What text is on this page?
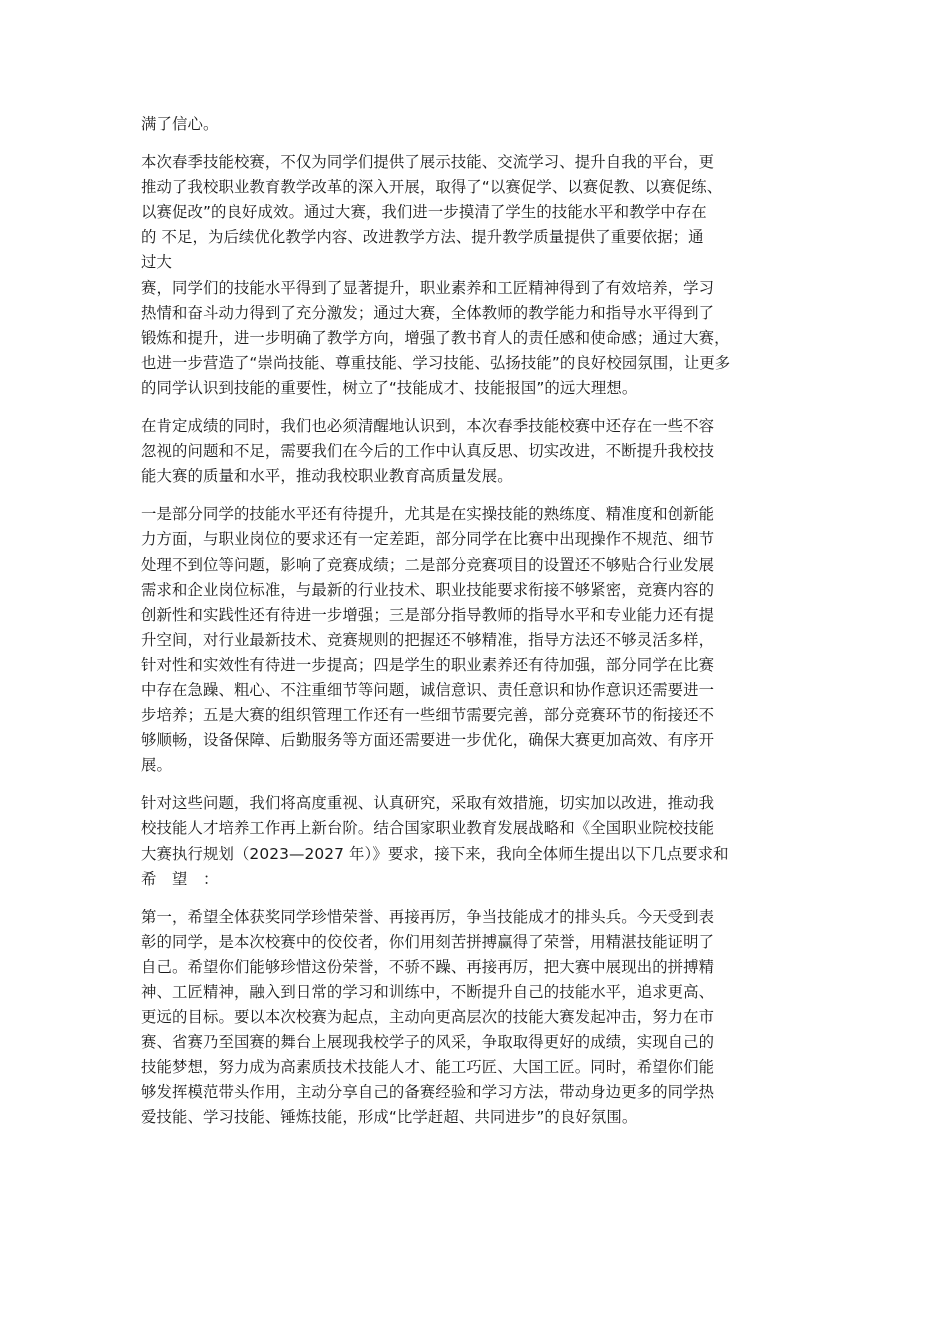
满了信心。
本次春季技能校赛，不仅为同学们提供了展示技能、交流学习、提升自我的平台，更
推动了我校职业教育教学改革的深入开展，取得了“以赛促学、以赛促教、以赛促练、
以赛促改”的良好成效。通过大赛，我们进一步摸清了学生的技能水平和教学中存在
的 不足，为后续优化教学内容、改进教学方法、提升教学质量提供了重要依据；通
过大
赛，同学们的技能水平得到了显著提升，职业素养和工匠精神得到了有效培养，学习
热情和奋斗动力得到了充分激发；通过大赛，全体教师的教学能力和指导水平得到了
锻炼和提升，进一步明确了教学方向，增强了教书育人的责任感和使命感；通过大赛，
也进一步营造了“崇尚技能、尊重技能、学习技能、弘扬技能”的良好校园氛围，让更多
的同学认识到技能的重要性，树立了“技能成才、技能报国”的远大理想。
在肯定成绩的同时，我们也必须清醒地认识到，本次春季技能校赛中还存在一些不容
忽视的问题和不足，需要我们在今后的工作中认真反思、切实改进，不断提升我校技
能大赛的质量和水平，推动我校职业教育高质量发展。
一是部分同学的技能水平还有待提升，尤其是在实操技能的熟练度、精准度和创新能
力方面，与职业岗位的要求还有一定差距，部分同学在比赛中出现操作不规范、细节
处理不到位等问题，影响了竞赛成绩；二是部分竞赛项目的设置还不够贴合行业发展
需求和企业岗位标准，与最新的行业技术、职业技能要求衔接不够紧密，竞赛内容的
创新性和实践性还有待进一步增强；三是部分指导教师的指导水平和专业能力还有提
升空间，对行业最新技术、竞赛规则的把握还不够精准，指导方法还不够灵活多样，
针对性和实效性有待进一步提高；四是学生的职业素养还有待加强，部分同学在比赛
中存在急躁、粗心、不注重细节等问题，诚信意识、责任意识和协作意识还需要进一
步培养；五是大赛的组织管理工作还有一些细节需要完善，部分竞赛环节的衔接还不
够顺畅，设备保障、后勤服务等方面还需要进一步优化，确保大赛更加高效、有序开
展。
针对这些问题，我们将高度重视、认真研究，采取有效措施，切实加以改进，推动我
校技能人才培养工作再上新台阶。结合国家职业教育发展战略和《全国职业院校技能
大赛执行规划（2023—2027 年）》要求，接下来，我向全体师生提出以下几点要求和
希　望　：
第一，希望全体获奖同学珍惜荣誉、再接再厉，争当技能成才的排头兵。今天受到表
彰的同学，是本次校赛中的佼佼者，你们用刻苦拼搏赢得了荣誉，用精湛技能证明了
自己。希望你们能够珍惜这份荣誉，不骄不躁、再接再厉，把大赛中展现出的拼搏精
神、工匠精神，融入到日常的学习和训练中，不断提升自己的技能水平，追求更高、
更远的目标。要以本次校赛为起点，主动向更高层次的技能大赛发起冲击，努力在市
赛、省赛乃至国赛的舞台上展现我校学子的风采，争取取得更好的成绩，实现自己的
技能梦想，努力成为高素质技术技能人才、能工巧匠、大国工匠。同时，希望你们能
够发挥模范带头作用，主动分享自己的备赛经验和学习方法，带动身边更多的同学热
爱技能、学习技能、锤炼技能，形成“比学赶超、共同进步”的良好氛围。
